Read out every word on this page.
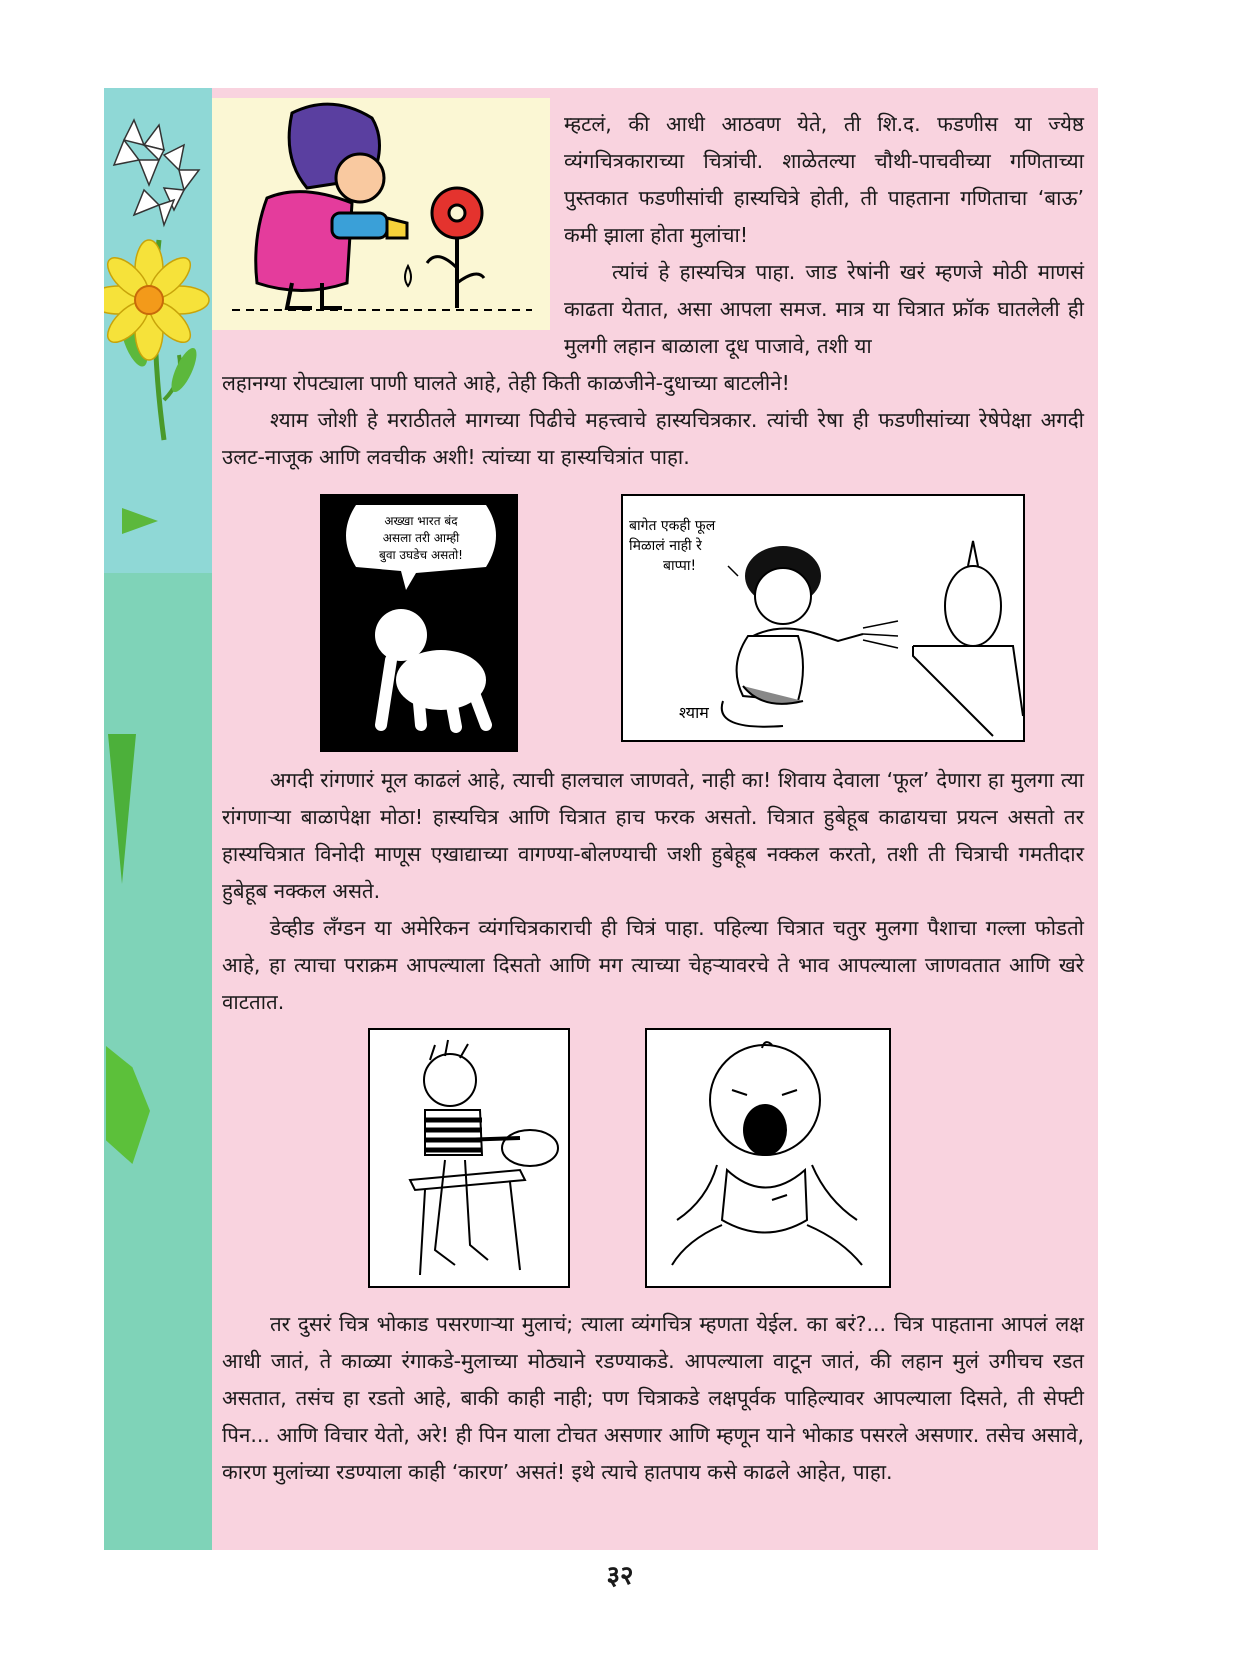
म्हटलं, की आधी आठवण येते, ती शि.द. फडणीस या ज्येष्ठ व्यंगचित्रकाराच्या चित्रांची. शाळेतल्या चौथी-पाचवीच्या गणिताच्या पुस्तकात फडणीसांची हास्यचित्रे होती, ती पाहताना गणिताचा ‘बाऊ’ कमी झाला होता मुलांचा!

त्यांचं हे हास्यचित्र पाहा. जाड रेषांनी खरं म्हणजे मोठी माणसं काढता येतात, असा आपला समज. मात्र या चित्रात फ्रॉक घातलेली ही मुलगी लहान बाळाला दूध पाजावे, तशी या

लहानग्या रोपट्याला पाणी घालते आहे, तेही किती काळजीने-दुधाच्या बाटलीने!

श्याम जोशी हे मराठीतले मागच्या पिढीचे महत्त्वाचे हास्यचित्रकार. त्यांची रेषा ही फडणीसांच्या रेषेपेक्षा अगदी उलट-नाजूक आणि लवचीक अशी! त्यांच्या या हास्यचित्रांत पाहा.

अख्खा भारत बंद
असला तरी आम्ही
बुवा उघडेच असतो!
बागेत एकही फूल
मिळालं नाही रे
बाप्पा!
श्याम

अगदी रांगणारं मूल काढलं आहे, त्याची हालचाल जाणवते, नाही का! शिवाय देवाला ‘फूल’ देणारा हा मुलगा त्या रांगणाऱ्या बाळापेक्षा मोठा! हास्यचित्र आणि चित्रात हाच फरक असतो. चित्रात हुबेहूब काढायचा प्रयत्न असतो तर हास्यचित्रात विनोदी माणूस एखाद्याच्या वागण्या-बोलण्याची जशी हुबेहूब नक्कल करतो, तशी ती चित्राची गमतीदार हुबेहूब नक्कल असते.

डेव्हीड लँग्डन या अमेरिकन व्यंगचित्रकाराची ही चित्रं पाहा. पहिल्या चित्रात चतुर मुलगा पैशाचा गल्ला फोडतो आहे, हा त्याचा पराक्रम आपल्याला दिसतो आणि मग त्याच्या चेहऱ्यावरचे ते भाव आपल्याला जाणवतात आणि खरे वाटतात.

तर दुसरं चित्र भोकाड पसरणाऱ्या मुलाचं; त्याला व्यंगचित्र म्हणता येईल. का बरं?... चित्र पाहताना आपलं लक्ष आधी जातं, ते काळ्या रंगाकडे-मुलाच्या मोठ्याने रडण्याकडे. आपल्याला वाटून जातं, की लहान मुलं उगीचच रडत असतात, तसंच हा रडतो आहे, बाकी काही नाही; पण चित्राकडे लक्षपूर्वक पाहिल्यावर आपल्याला दिसते, ती सेफ्टी पिन... आणि विचार येतो, अरे! ही पिन याला टोचत असणार आणि म्हणून याने भोकाड पसरले असणार. तसेच असावे, कारण मुलांच्या रडण्याला काही ‘कारण’ असतं! इथे त्याचे हातपाय कसे काढले आहेत, पाहा.

३२
